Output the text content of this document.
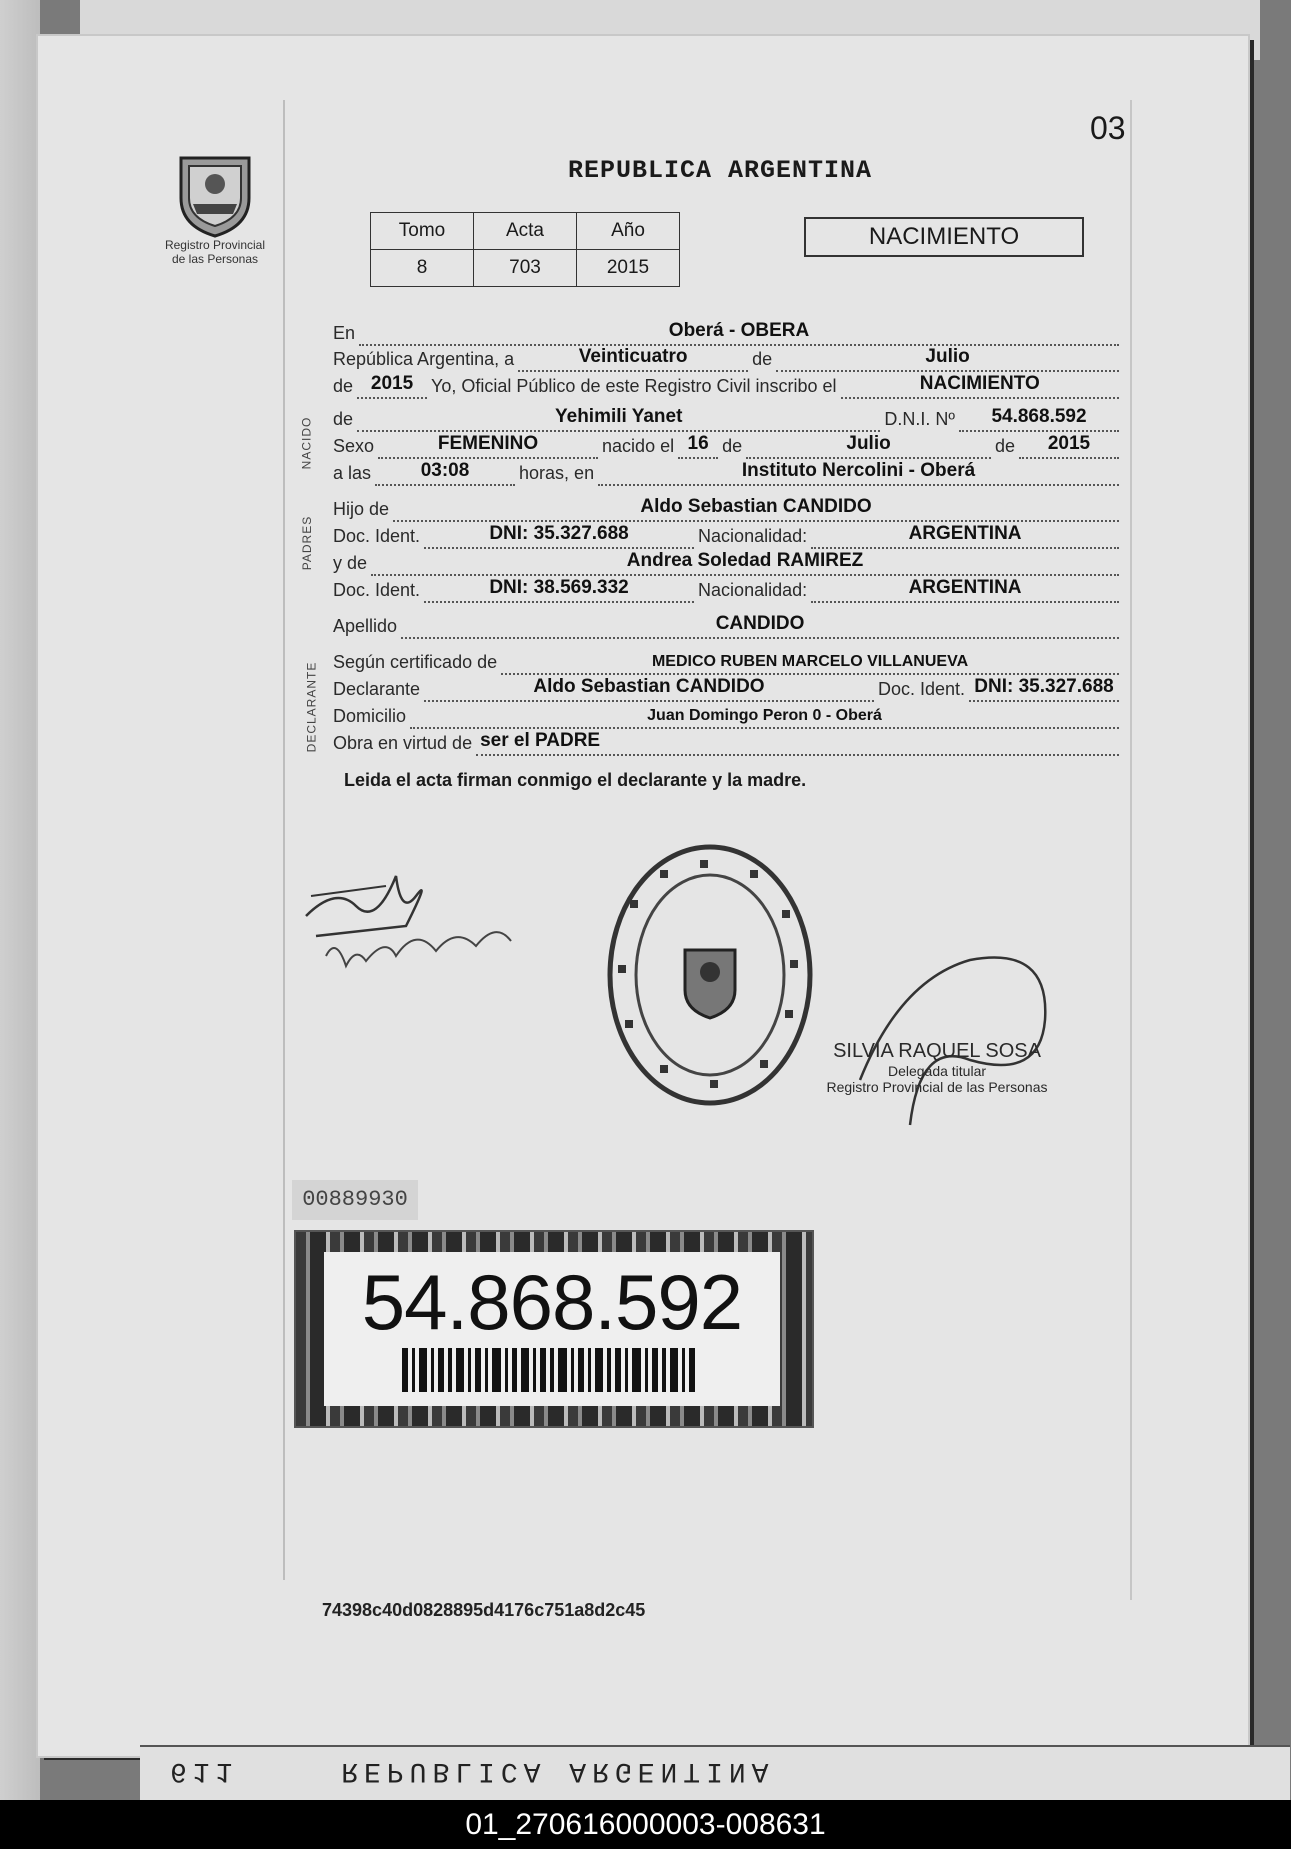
03
Registro Provincial
de las Personas
REPUBLICA ARGENTINA
Tomo	Acta	Año
8	703	2015
NACIMIENTO
NACIDO
PADRES
DECLARANTE
En	Oberá - OBERA
República Argentina, a	Veinticuatro	de	Julio
de 2015 Yo, Oficial Público de este Registro Civil inscribo el	NACIMIENTO
de	Yehimili Yanet	D.N.I. Nº	54.868.592
Sexo	FEMENINO	nacido el 16 de	Julio	de	2015
a las	03:08	horas, en	Instituto Nercolini - Oberá
Hijo de	Aldo Sebastian CANDIDO
Doc. Ident.	DNI: 35.327.688	Nacionalidad:	ARGENTINA
y de	Andrea Soledad RAMIREZ
Doc. Ident.	DNI: 38.569.332	Nacionalidad:	ARGENTINA
Apellido	CANDIDO
Según certificado de	MEDICO RUBEN MARCELO VILLANUEVA
Declarante	Aldo Sebastian CANDIDO	Doc. Ident. DNI: 35.327.688
Domicilio	Juan Domingo Peron 0 - Oberá
Obra en virtud de ser el PADRE
Leida el acta firman conmigo el declarante y la madre.
SILVIA RAQUEL SOSA
Delegada titular
Registro Provincial de las Personas
00889930
54.868.592
74398c40d0828895d4176c751a8d2c45
611	REPUBLICA ARGENTINA
01_270616000003-008631
